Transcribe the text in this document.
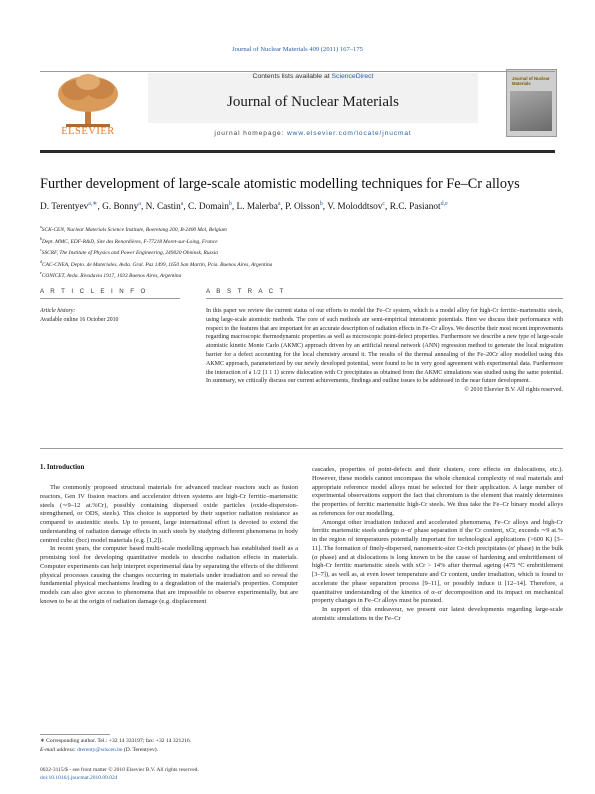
Journal of Nuclear Materials 409 (2011) 167–175
Contents lists available at ScienceDirect
Journal of Nuclear Materials
journal homepage: www.elsevier.com/locate/jnucmat
ELSEVIER
Journal of Nuclear Materials
Further development of large-scale atomistic modelling techniques for Fe–Cr alloys
D. Terentyev$^{a,∗}$, G. Bonny$^a$, N. Castin$^a$, C. Domain$^b$, L. Malerba$^a$, P. Olsson$^b$, V. Moloddtsov$^c$, R.C. Pasianot$^{d,e}$
$^a$SCK-CEN, Nuclear Materials Science Institute, Boeretang 200, B-2400 Mol, Belgium
$^b$Dept. MMC, EDF-R&D, Site des Renardières, F-77218 Moret-sur-Loing, France
$^c$SSCRF, The Institute of Physics and Power Engineering, 249020 Obninsk, Russia
$^d$CAC-CNEA, Depto. de Materiales, Avda. Gral. Paz 1499, 1650 San Martín, Pcia. Buenos Aires, Argentina
$^e$CONICET, Avda. Rivadavia 1917, 1033 Buenos Aires, Argentina
A R T I C L E I N F O
Article history:
Available online 16 October 2010
A B S T R A C T
In this paper we review the current status of our efforts to model the Fe–Cr system, which is a model alloy for high-Cr ferritic–martensitic steels, using large-scale atomistic methods. The core of such methods are semi-empirical interatomic potentials. Here we discuss their performance with respect to the features that are important for an accurate description of radiation effects in Fe–Cr alloys. We describe their most recent improvements regarding macroscopic thermodynamic properties as well as microscopic point-defect properties. Furthermore we describe a new type of large-scale atomistic kinetic Monte Carlo (AKMC) approach driven by an artificial neural network (ANN) regression method to generate the local migration barrier for a defect accounting for the local chemistry around it. The results of the thermal annealing of the Fe–20Cr alloy modelled using this AKMC approach, parameterized by our newly developed potential, were found to be in very good agreement with experimental data. Furthermore the interaction of a 1/2 ⟨1 1 1⟩ screw dislocation with Cr precipitates as obtained from the AKMC simulations was studied using the same potential. In summary, we critically discuss our current achievements, findings and outline issues to be addressed in the near future development.
© 2010 Elsevier B.V. All rights reserved.
1. Introduction

The commonly proposed structural materials for advanced nuclear reactors such as fusion reactors, Gen IV fission reactors and accelerator driven systems are high-Cr ferritic–martensitic steels (∼9–12 at.%Cr), possibly containing dispersed oxide particles (oxide-dispersion-strengthened, or ODS, steels). This choice is supported by their superior radiation resistance as compared to austenitic steels. Up to present, large international effort is devoted to extend the understanding of radiation damage effects in such steels by studying different phenomena in body centred cubic (bcc) model materials (e.g. [1,2]).

In recent years, the computer based multi-scale modelling approach has established itself as a promising tool for developing quantitative models to describe radiation effects in materials. Computer experiments can help interpret experimental data by separating the effects of the different physical processes causing the changes occurring in materials under irradiation and so reveal the fundamental physical mechanisms leading to a degradation of the material's properties. Computer models can also give access to phenomena that are impossible to observe experimentally, but are known to be at the origin of radiation damage (e.g. displacement

cascades, properties of point-defects and their clusters, core effects on dislocations, etc.). However, these models cannot encompass the whole chemical complexity of real materials and appropriate reference model alloys must be selected for their application. A large number of experimental observations support the fact that chromium is the element that mainly determines the properties of ferritic martensitic high-Cr steels. We thus take the Fe–Cr binary model alloys as references for our modelling.

Amongst other irradiation induced and accelerated phenomena, Fe–Cr alloys and high-Cr ferritic martensitic steels undergo α–α′ phase separation if the Cr content, xCr, exceeds ∼9 at.% in the region of temperatures potentially important for technological applications (>600 K) [3–11]. The formation of finely-dispersed, nanometric-size Cr-rich precipitates (α′ phase) in the bulk (α phase) and at dislocations is long known to be the cause of hardening and embrittlement of high-Cr ferritic martensitic steels with xCr > 14% after thermal ageing (475 °C embrittlement [3–7]), as well as, at even lower temperature and Cr content, under irradiation, which is found to accelerate the phase separation process [9–11], or possibly induce it [12–14]. Therefore, a quantitative understanding of the kinetics of α–α′ decomposition and its impact on mechanical property changes in Fe–Cr alloys must be pursued.

In support of this endeavour, we present our latest developments regarding large-scale atomistic simulations in the Fe–Cr

∗ Corresponding author. Tel.: +32 14 333197; fax: +32 14 321216.
E-mail address: dterenty@sckcen.be (D. Terentyev).
0022-3115/$ - see front matter © 2010 Elsevier B.V. All rights reserved.
doi:10.1016/j.jnucmat.2010.09.024
